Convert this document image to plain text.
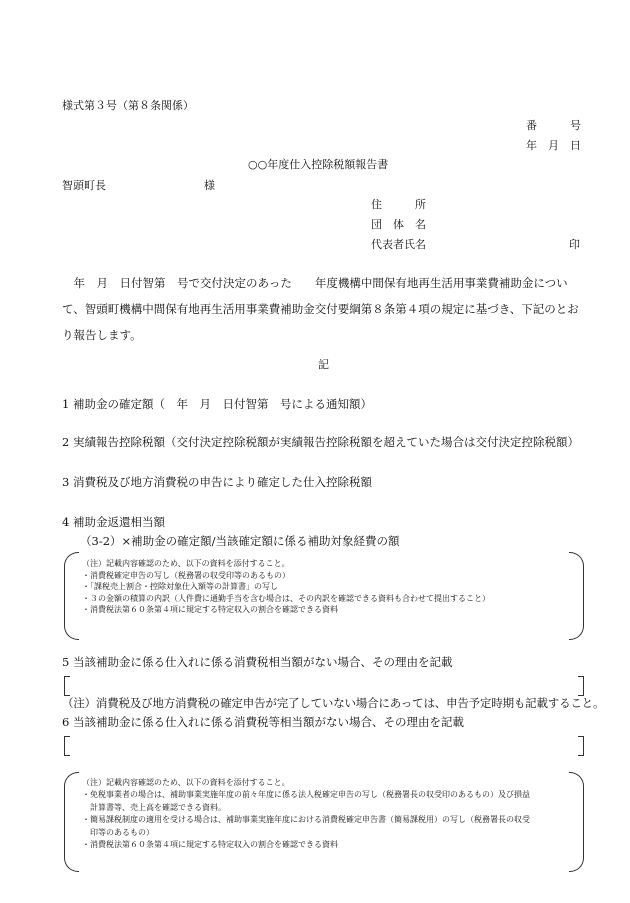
様式第３号（第８条関係）
番　　　号
年　月　日
○○年度仕入控除税額報告書
智頭町長	様
住　　　所
団　体　名
代表者氏名	印
　年　月　日付智第　号で交付決定のあった　　年度機構中間保有地再生活用事業費補助金について、智頭町機構中間保有地再生活用事業費補助金交付要綱第８条第４項の規定に基づき、下記のとおり報告します。
記
1 補助金の確定額（　年　月　日付智第　号による通知額）
2 実績報告控除税額（交付決定控除税額が実績報告控除税額を超えていた場合は交付決定控除税額）
3 消費税及び地方消費税の申告により確定した仕入控除税額
4 補助金返還相当額
（3-2）×補助金の確定額/当該確定額に係る補助対象経費の額
（注）記載内容確認のため、以下の資料を添付すること。
・消費税確定申告の写し（税務署の収受印等のあるもの）
・「課税売上割合・控除対象仕入額等の計算書」の写し
・３の金額の積算の内訳（人件費に通勤手当を含む場合は、その内訳を確認できる資料も合わせて提出すること）
・消費税法第６０条第４項に規定する特定収入の割合を確認できる資料
5 当該補助金に係る仕入れに係る消費税相当額がない場合、その理由を記載
（注）消費税及び地方消費税の確定申告が完了していない場合にあっては、申告予定時期も記載すること。
6 当該補助金に係る仕入れに係る消費税等相当額がない場合、その理由を記載
（注）記載内容確認のため、以下の資料を添付すること。
・免税事業者の場合は、補助事業実施年度の前々年度に係る法人税確定申告の写し（税務署長の収受印のあるもの）及び損益
　計算書等、売上高を確認できる資料。
・簡易課税制度の適用を受ける場合は、補助事業実施年度における消費税確定申告書（簡易課税用）の写し（税務署長の収受
　印等のあるもの）
・消費税法第６０条第４項に規定する特定収入の割合を確認できる資料
